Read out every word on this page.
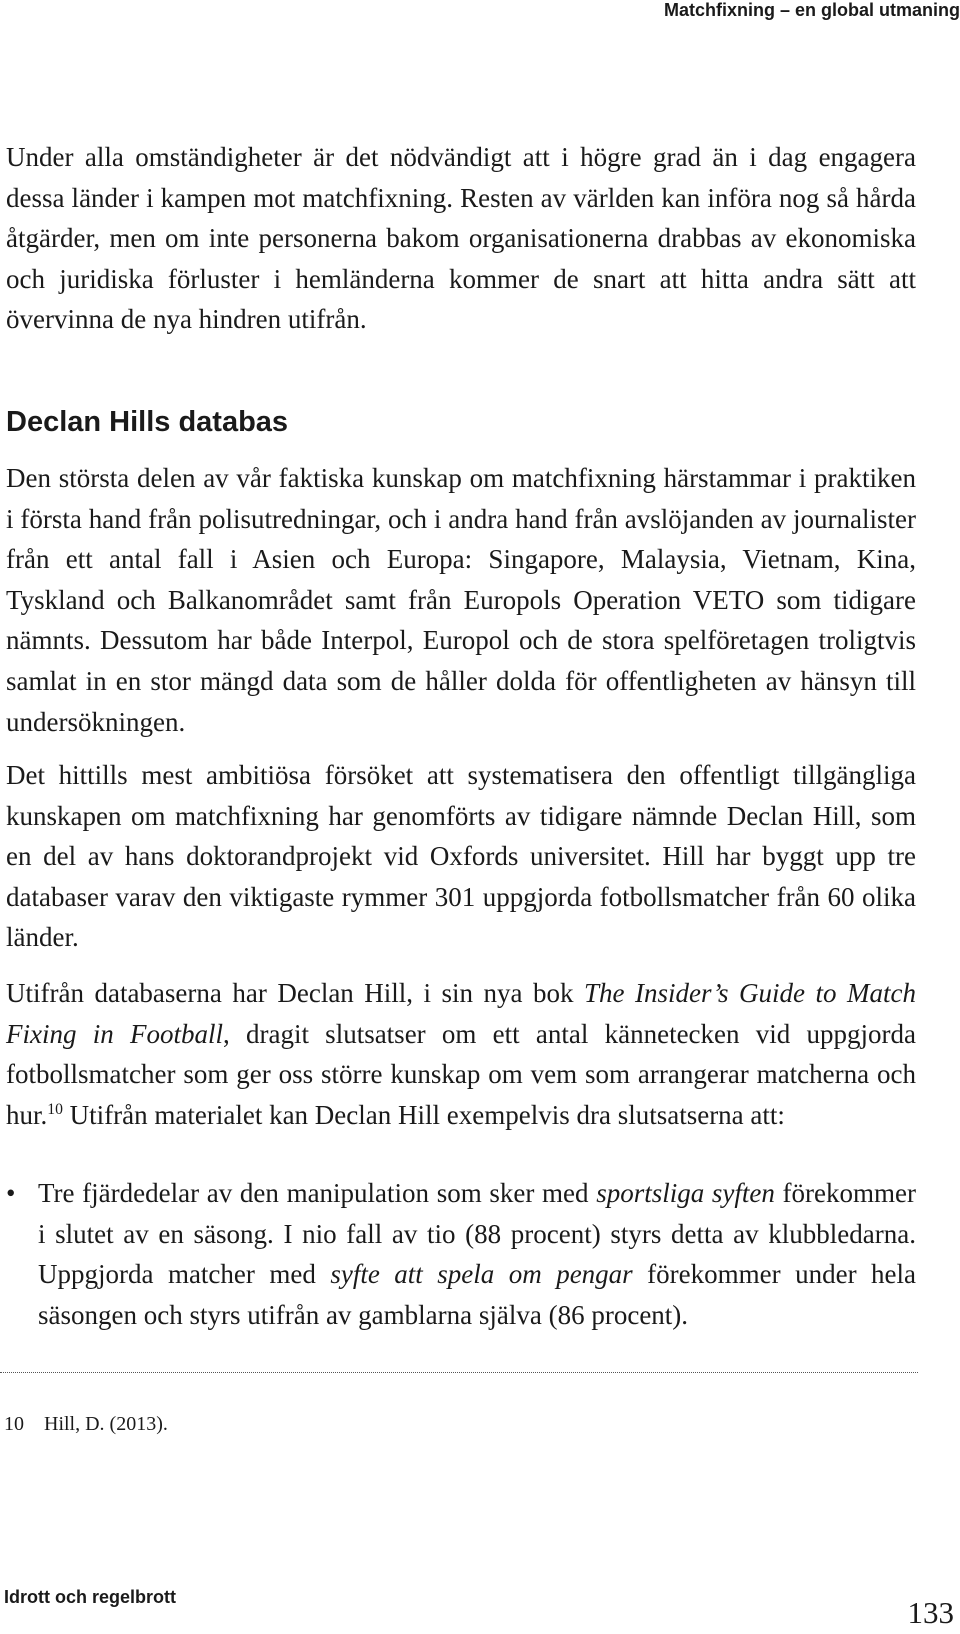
Matchfixning – en global utmaning

Under alla omständigheter är det nödvändigt att i högre grad än i dag engagera dessa länder i kampen mot matchfixning. Resten av världen kan införa nog så hårda åtgärder, men om inte personerna bakom organisationerna drabbas av ekonomiska och juridiska förluster i hemländerna kommer de snart att hitta andra sätt att övervinna de nya hindren utifrån.

Declan Hills databas

Den största delen av vår faktiska kunskap om matchfixning härstammar i praktiken i första hand från polisutredningar, och i andra hand från avslöjanden av journalister från ett antal fall i Asien och Europa: Singapore, Malaysia, Vietnam, Kina, Tyskland och Balkanområdet samt från Europols Operation VETO som tidigare nämnts. Dessutom har både Interpol, Europol och de stora spelföretagen troligtvis samlat in en stor mängd data som de håller dolda för offentligheten av hänsyn till undersökningen.

Det hittills mest ambitiösa försöket att systematisera den offentligt tillgängliga kunskapen om matchfixning har genomförts av tidigare nämnde Declan Hill, som en del av hans doktorandprojekt vid Oxfords universitet. Hill har byggt upp tre databaser varav den viktigaste rymmer 301 uppgjorda fotbollsmatcher från 60 olika länder.

Utifrån databaserna har Declan Hill, i sin nya bok The Insider’s Guide to Match Fixing in Football, dragit slutsatser om ett antal kännetecken vid uppgjorda fotbollsmatcher som ger oss större kunskap om vem som arrangerar matcherna och hur.$^{10}$ Utifrån materialet kan Declan Hill exempelvis dra slutsatserna att:

• Tre fjärdedelar av den manipulation som sker med sportsliga syften förekommer i slutet av en säsong. I nio fall av tio (88 procent) styrs detta av klubbledarna. Uppgjorda matcher med syfte att spela om pengar förekommer under hela säsongen och styrs utifrån av gamblarna själva (86 procent).
10 Hill, D. (2013).
Idrott och regelbrott	133
